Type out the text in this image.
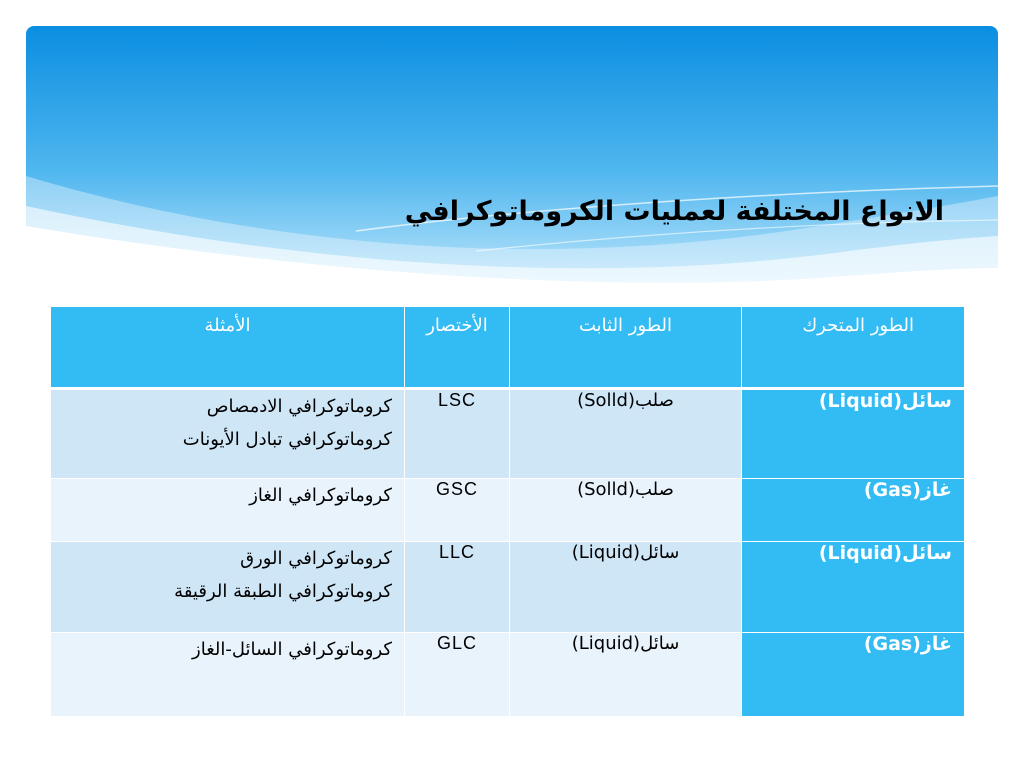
الانواع المختلفة لعمليات الكروماتوكرافي
الطور المتحرك	الطور الثابت	الأختصار	الأمثلة
سائل(Liquid)	صلب(Solld)	LSC	كروماتوكرافي الادمصاص
كروماتوكرافي تبادل الأيونات

غاز(Gas)	صلب(Solld)	GSC	كروماتوكرافي الغاز

سائل(Liquid)	سائل(Liquid)	LLC	كروماتوكرافي الورق
كروماتوكرافي الطبقة الرقيقة

غاز(Gas)	سائل(Liquid)	GLC	كروماتوكرافي السائل-الغاز
